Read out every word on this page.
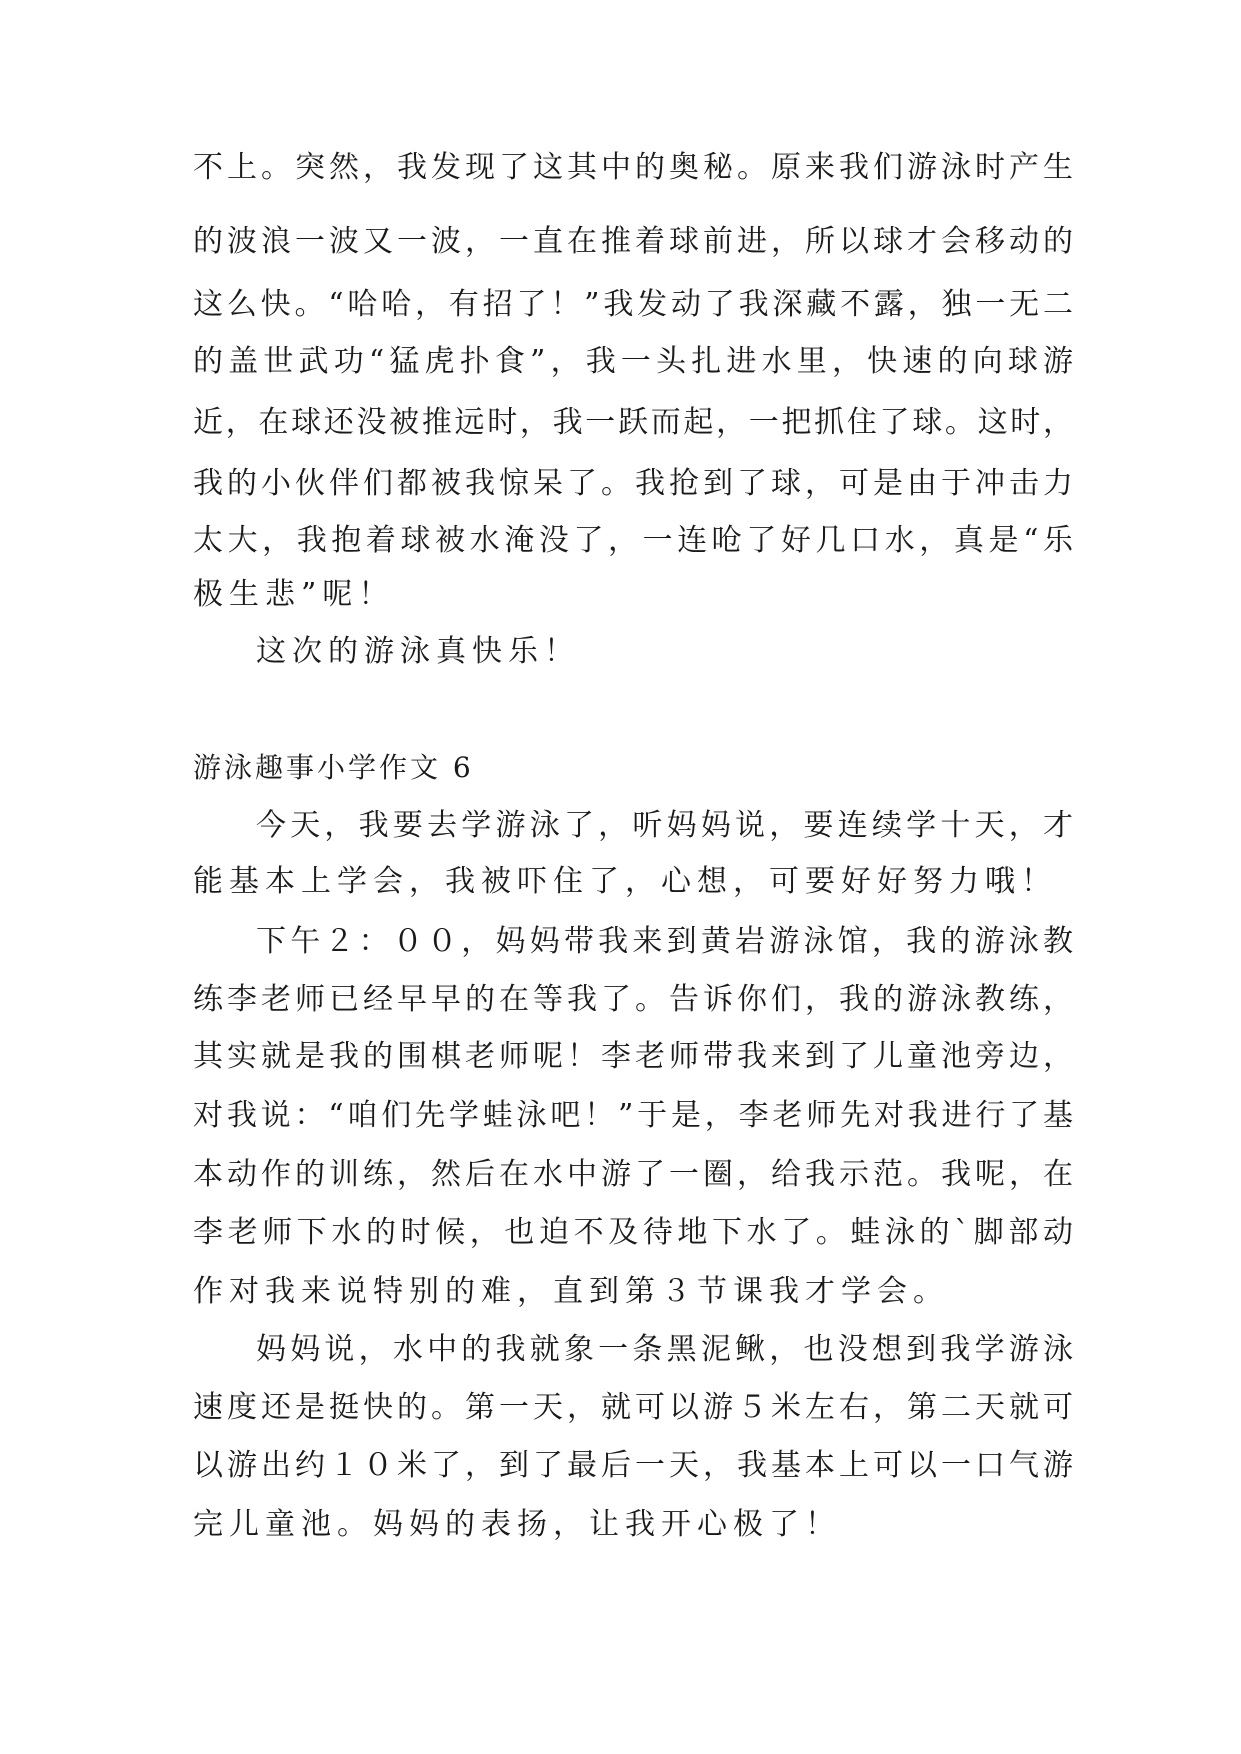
不上。突然，我发现了这其中的奥秘。原来我们游泳时产生
的波浪一波又一波，一直在推着球前进，所以球才会移动的
这么快。“哈哈，有招了！”我发动了我深藏不露，独一无二
的盖世武功“猛虎扑食”，我一头扎进水里，快速的向球游
近，在球还没被推远时，我一跃而起，一把抓住了球。这时，
我的小伙伴们都被我惊呆了。我抢到了球，可是由于冲击力
太大，我抱着球被水淹没了，一连呛了好几口水，真是“乐
极生悲”呢！
这次的游泳真快乐！
游泳趣事小学作文 6
今天，我要去学游泳了，听妈妈说，要连续学十天，才
能基本上学会，我被吓住了，心想，可要好好努力哦！
下午２：００，妈妈带我来到黄岩游泳馆，我的游泳教
练李老师已经早早的在等我了。告诉你们，我的游泳教练，
其实就是我的围棋老师呢！李老师带我来到了儿童池旁边，
对我说：“咱们先学蛙泳吧！”于是，李老师先对我进行了基
本动作的训练，然后在水中游了一圈，给我示范。我呢，在
李老师下水的时候，也迫不及待地下水了。蛙泳的`脚部动
作对我来说特别的难，直到第３节课我才学会。
妈妈说，水中的我就象一条黑泥鳅，也没想到我学游泳
速度还是挺快的。第一天，就可以游５米左右，第二天就可
以游出约１０米了，到了最后一天，我基本上可以一口气游
完儿童池。妈妈的表扬，让我开心极了！
